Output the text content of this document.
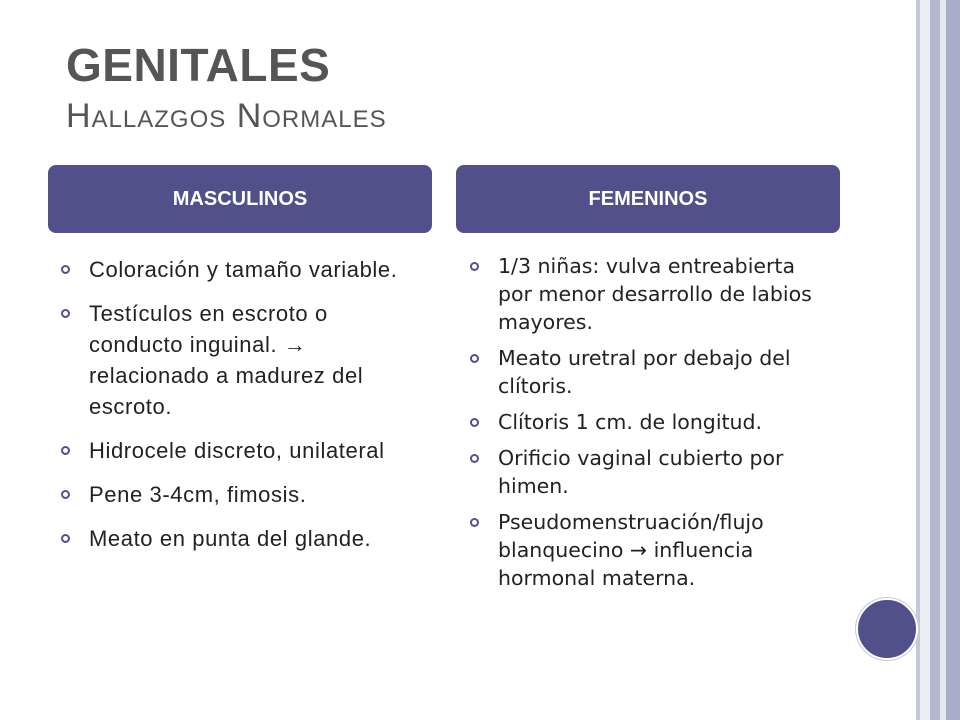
GENITALES
Hallazgos Normales
MASCULINOS	FEMENINOS
Coloración y tamaño variable.
Testículos en escroto o conducto inguinal. → relacionado a madurez del escroto.
Hidrocele discreto, unilateral
Pene 3-4cm, fimosis.
Meato en punta del glande.
1/3 niñas: vulva entreabierta por menor desarrollo de labios mayores.
Meato uretral por debajo del clítoris.
Clítoris 1 cm. de longitud.
Orificio vaginal cubierto por himen.
Pseudomenstruación/flujo blanquecino → influencia hormonal materna.
